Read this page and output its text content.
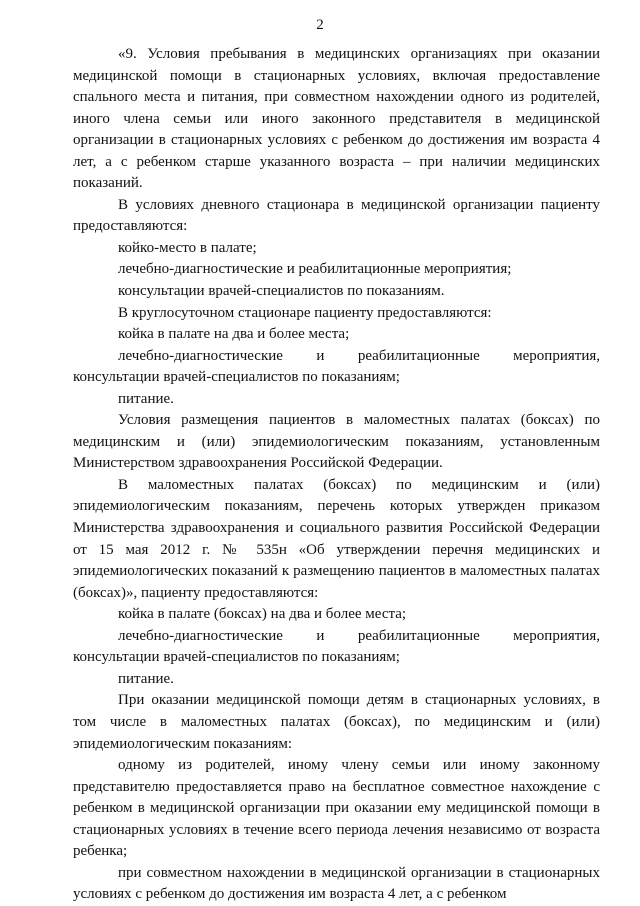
2

«9. Условия пребывания в медицинских организациях при оказании медицинской помощи в стационарных условиях, включая предоставление спального места и питания, при совместном нахождении одного из родителей, иного члена семьи или иного законного представителя в медицинской организации в стационарных условиях с ребенком до достижения им возраста 4 лет, а с ребенком старше указанного возраста – при наличии медицинских показаний.

В условиях дневного стационара в медицинской организации пациенту предоставляются:

койко-место в палате;

лечебно-диагностические и реабилитационные мероприятия;

консультации врачей-специалистов по показаниям.

В круглосуточном стационаре пациенту предоставляются:

койка в палате на два и более места;

лечебно-диагностические и реабилитационные мероприятия, консультации врачей-специалистов по показаниям;

питание.

Условия размещения пациентов в маломестных палатах (боксах) по медицинским и (или) эпидемиологическим показаниям, установленным Министерством здравоохранения Российской Федерации.

В маломестных палатах (боксах) по медицинским и (или) эпидемиологическим показаниям, перечень которых утвержден приказом Министерства здравоохранения и социального развития Российской Федерации от 15 мая 2012 г. № 535н «Об утверждении перечня медицинских и эпидемиологических показаний к размещению пациентов в маломестных палатах (боксах)», пациенту предоставляются:

койка в палате (боксах) на два и более места;

лечебно-диагностические и реабилитационные мероприятия, консультации врачей-специалистов по показаниям;

питание.

При оказании медицинской помощи детям в стационарных условиях, в том числе в маломестных палатах (боксах), по медицинским и (или) эпидемиологическим показаниям:

одному из родителей, иному члену семьи или иному законному представителю предоставляется право на бесплатное совместное нахождение с ребенком в медицинской организации при оказании ему медицинской помощи в стационарных условиях в течение всего периода лечения независимо от возраста ребенка;

при совместном нахождении в медицинской организации в стационарных условиях с ребенком до достижения им возраста 4 лет, а с ребенком
